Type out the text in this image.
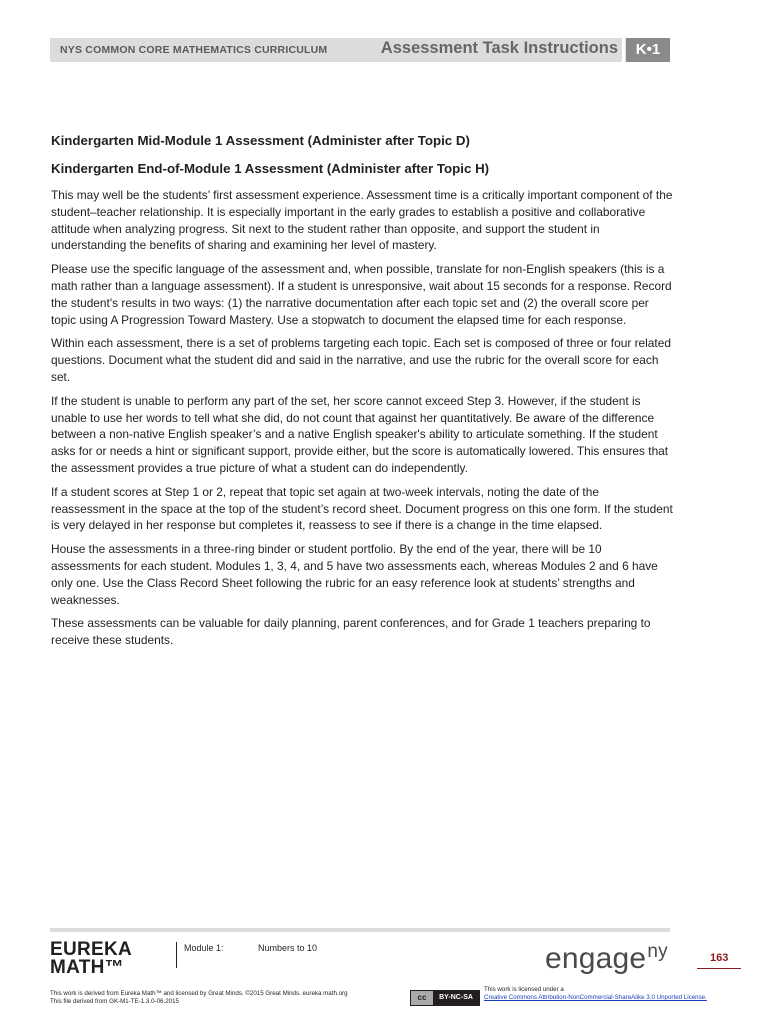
NYS COMMON CORE MATHEMATICS CURRICULUM	Assessment Task Instructions	K•1

Kindergarten Mid-Module 1 Assessment (Administer after Topic D)

Kindergarten End-of-Module 1 Assessment (Administer after Topic H)

This may well be the students’ first assessment experience. Assessment time is a critically important component of the student–teacher relationship. It is especially important in the early grades to establish a positive and collaborative attitude when analyzing progress. Sit next to the student rather than opposite, and support the student in understanding the benefits of sharing and examining her level of mastery.

Please use the specific language of the assessment and, when possible, translate for non-English speakers (this is a math rather than a language assessment). If a student is unresponsive, wait about 15 seconds for a response. Record the student's results in two ways: (1) the narrative documentation after each topic set and (2) the overall score per topic using A Progression Toward Mastery. Use a stopwatch to document the elapsed time for each response.

Within each assessment, there is a set of problems targeting each topic. Each set is composed of three or four related questions. Document what the student did and said in the narrative, and use the rubric for the overall score for each set.

If the student is unable to perform any part of the set, her score cannot exceed Step 3. However, if the student is unable to use her words to tell what she did, do not count that against her quantitatively. Be aware of the difference between a non-native English speaker’s and a native English speaker's ability to articulate something. If the student asks for or needs a hint or significant support, provide either, but the score is automatically lowered. This ensures that the assessment provides a true picture of what a student can do independently.

If a student scores at Step 1 or 2, repeat that topic set again at two-week intervals, noting the date of the reassessment in the space at the top of the student’s record sheet. Document progress on this one form. If the student is very delayed in her response but completes it, reassess to see if there is a change in the time elapsed.

House the assessments in a three-ring binder or student portfolio. By the end of the year, there will be 10 assessments for each student. Modules 1, 3, 4, and 5 have two assessments each, whereas Modules 2 and 6 have only one. Use the Class Record Sheet following the rubric for an easy reference look at students’ strengths and weaknesses.

These assessments can be valuable for daily planning, parent conferences, and for Grade 1 teachers preparing to receive these students.

EUREKA
MATH™
Module 1:	Numbers to 10	engage$^{ny}$	163
This work is derived from Eureka Math™ and licensed by Great Minds. ©2015 Great Minds. eureka math.org
This file derived from GK-M1-TE-1.3.0-06.2015	cc	BY-NC-SA
This work is licensed under a
Creative Commons Attribution-NonCommercial-ShareAlike 3.0 Unported License.
